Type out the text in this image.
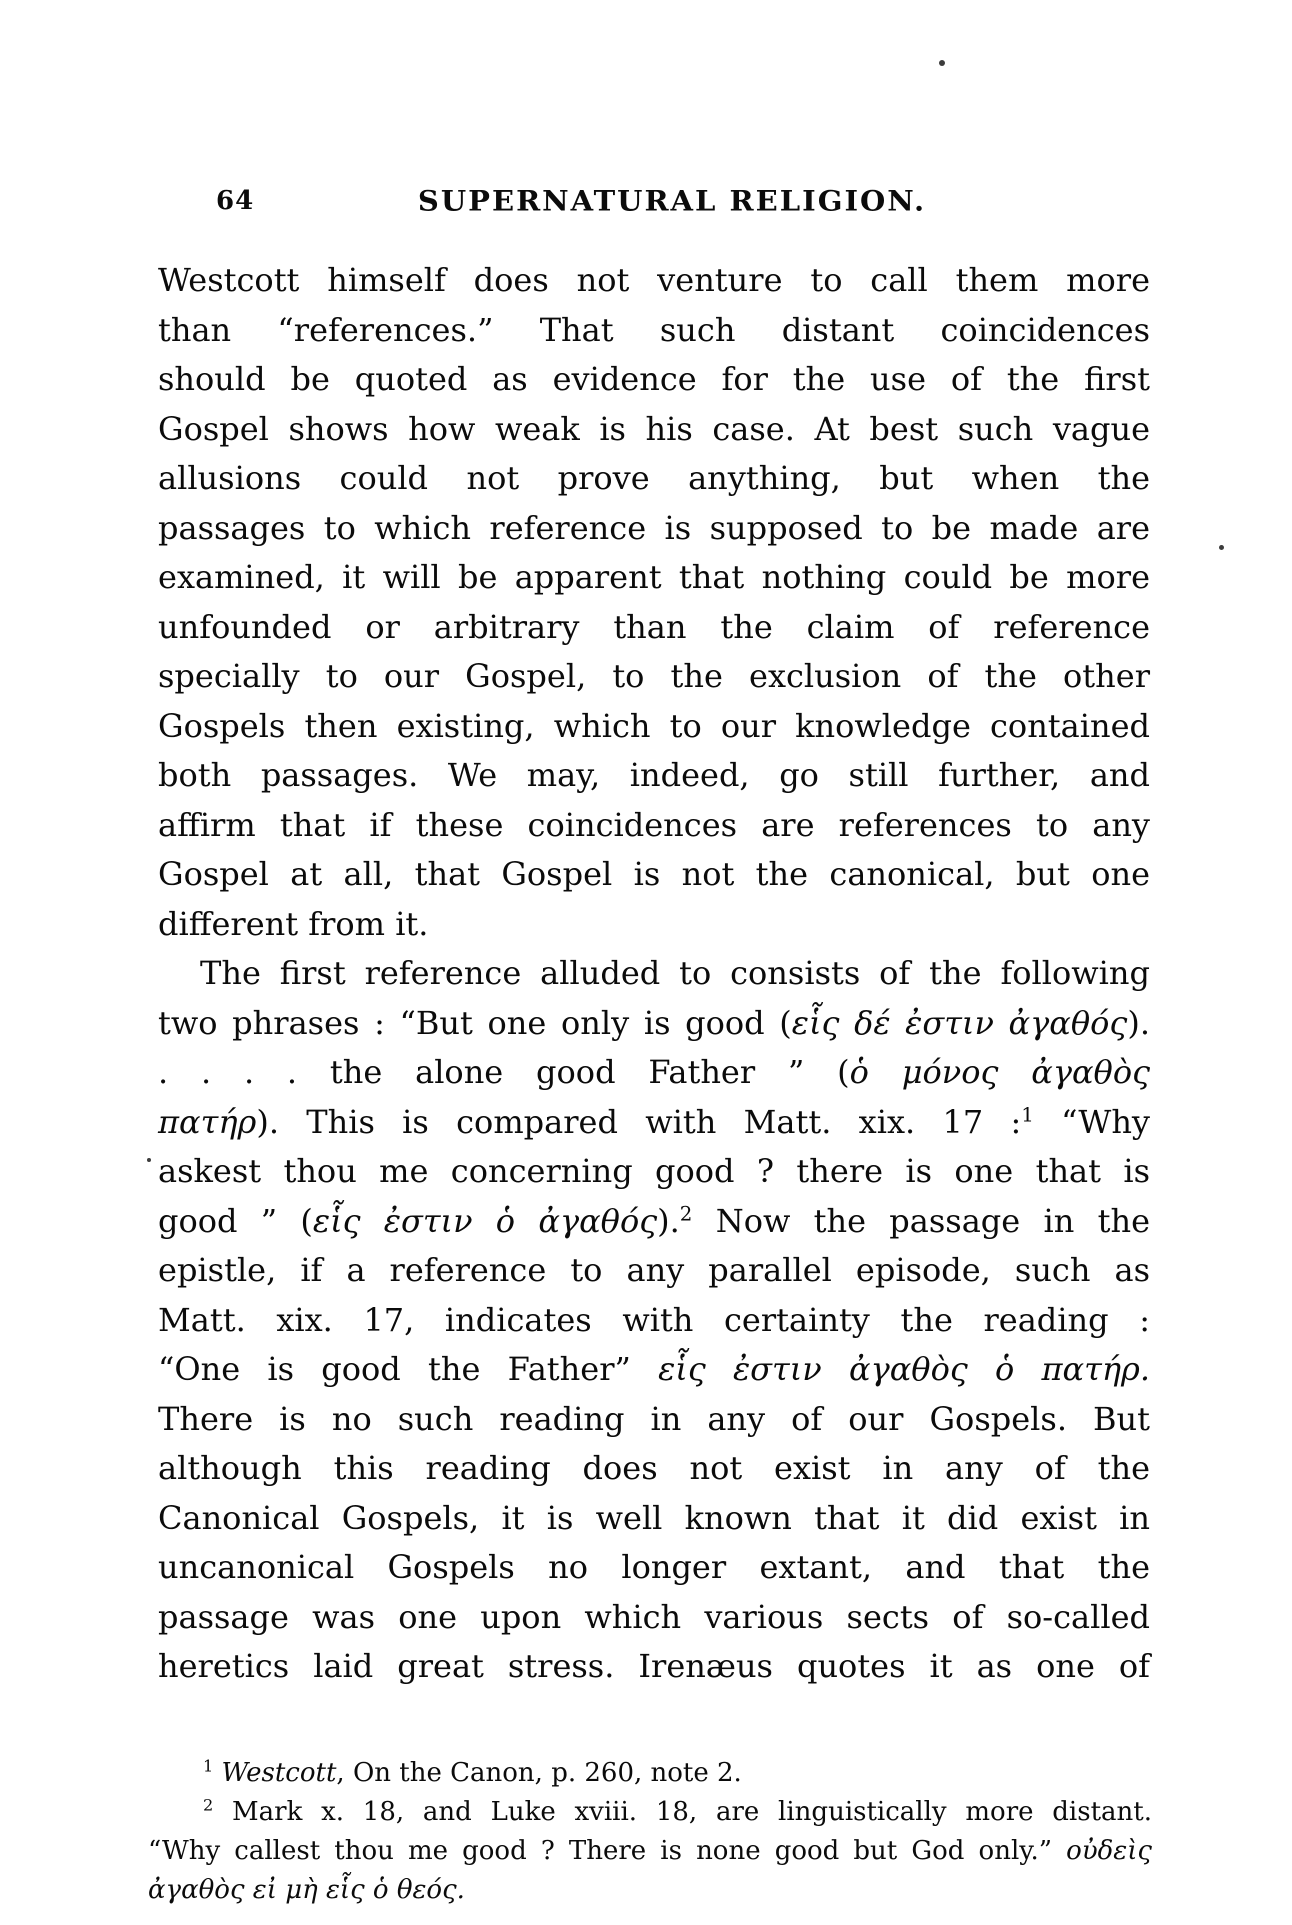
64	SUPERNATURAL RELIGION.
Westcott himself does not venture to call them more
than “references.” That such distant coincidences
should be quoted as evidence for the use of the first
Gospel shows how weak is his case. At best such vague
allusions could not prove anything, but when the
passages to which reference is supposed to be made are
examined, it will be apparent that nothing could be more
unfounded or arbitrary than the claim of reference
specially to our Gospel, to the exclusion of the other
Gospels then existing, which to our knowledge contained
both passages. We may, indeed, go still further, and
affirm that if these coincidences are references to any
Gospel at all, that Gospel is not the canonical, but one
different from it.
The first reference alluded to consists of the following
two phrases : “But one only is good (εἷς δέ ἐστιν ἀγαθός).
. . . . the alone good Father ” (ὁ μόνος ἀγαθὸς
πατήρ). This is compared with Matt. xix. 17 :$^1$ “Why
askest thou me concerning good ? there is one that is
good ” (εἷς ἐστιν ὁ ἀγαθός).$^2$ Now the passage in the
epistle, if a reference to any parallel episode, such as
Matt. xix. 17, indicates with certainty the reading :
“One is good the Father” εἷς ἐστιν ἀγαθὸς ὁ πατήρ.
There is no such reading in any of our Gospels. But
although this reading does not exist in any of the
Canonical Gospels, it is well known that it did exist in
uncanonical Gospels no longer extant, and that the
passage was one upon which various sects of so-called
heretics laid great stress. Irenæus quotes it as one of
$^1$ Westcott, On the Canon, p. 260, note 2.
$^2$ Mark x. 18, and Luke xviii. 18, are linguistically more distant.
“Why callest thou me good ? There is none good but God only.” οὐδεὶς
ἀγαθὸς εἰ μὴ εἷς ὁ θεός.
